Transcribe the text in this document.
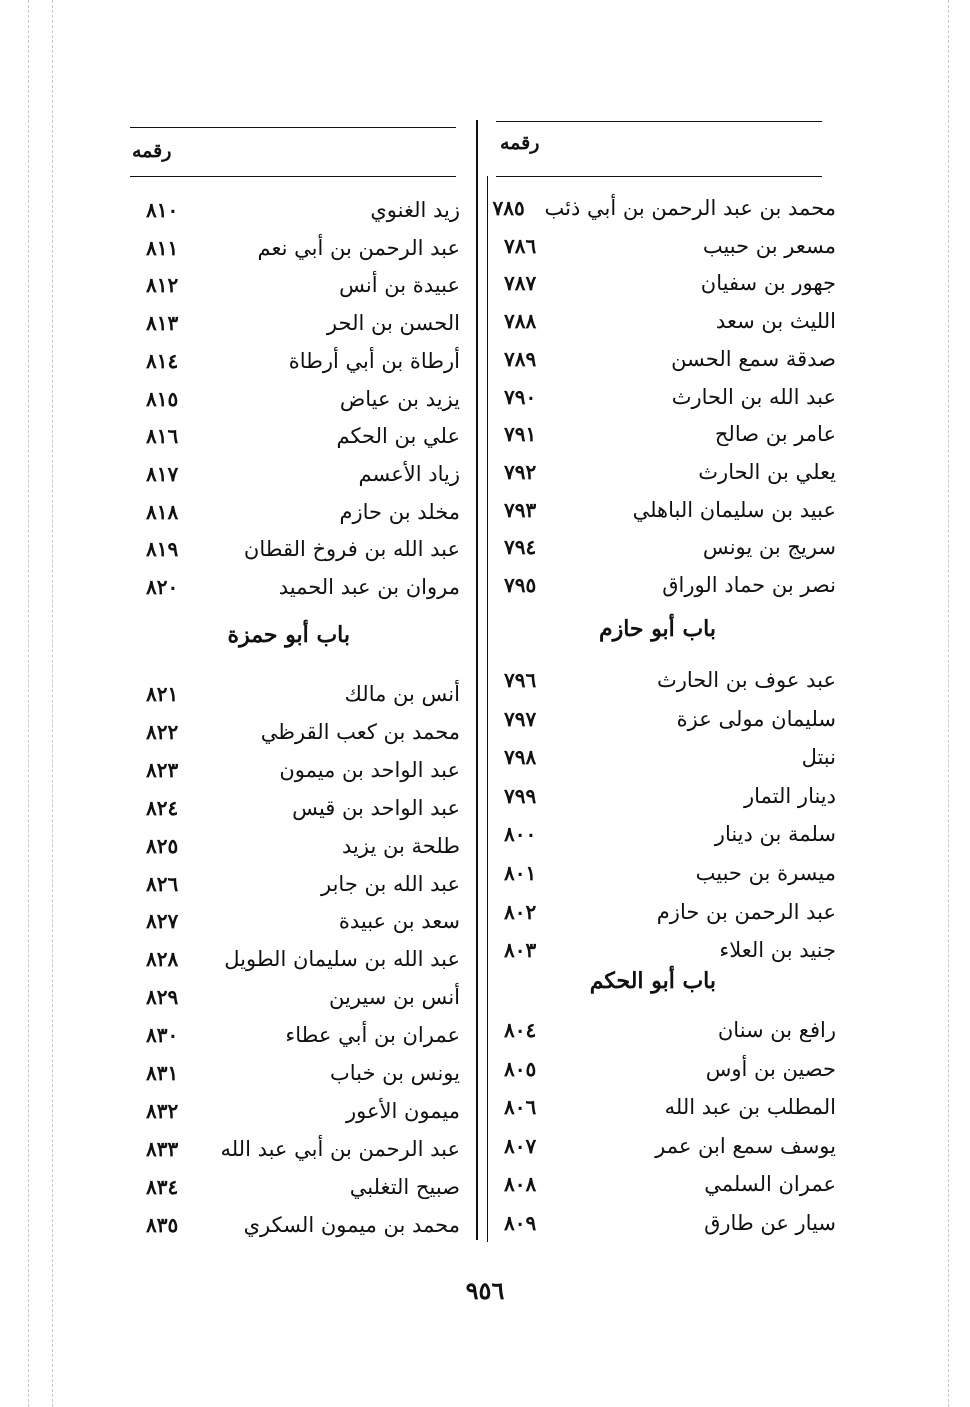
رقمه
محمد بن عبد الرحمن بن أبي ذئب
٧٨٥
مسعر بن حبيب
٧٨٦
جهور بن سفيان
٧٨٧
الليث بن سعد
٧٨٨
صدقة سمع الحسن
٧٨٩
عبد الله بن الحارث
٧٩٠
عامر بن صالح
٧٩١
يعلي بن الحارث
٧٩٢
عبيد بن سليمان الباهلي
٧٩٣
سريج بن يونس
٧٩٤
نصر بن حماد الوراق
٧٩٥
باب أبو حازم
عبد عوف بن الحارث
٧٩٦
سليمان مولى عزة
٧٩٧
نبتل
٧٩٨
دينار التمار
٧٩٩
سلمة بن دينار
٨٠٠
ميسرة بن حبيب
٨٠١
عبد الرحمن بن حازم
٨٠٢
جنيد بن العلاء
٨٠٣
باب أبو الحكم
رافع بن سنان
٨٠٤
حصين بن أوس
٨٠٥
المطلب بن عبد الله
٨٠٦
يوسف سمع ابن عمر
٨٠٧
عمران السلمي
٨٠٨
سيار عن طارق
٨٠٩
رقمه
زيد الغنوي
٨١٠
عبد الرحمن بن أبي نعم
٨١١
عبيدة بن أنس
٨١٢
الحسن بن الحر
٨١٣
أرطاة بن أبي أرطاة
٨١٤
يزيد بن عياض
٨١٥
علي بن الحكم
٨١٦
زياد الأعسم
٨١٧
مخلد بن حازم
٨١٨
عبد الله بن فروخ القطان
٨١٩
مروان بن عبد الحميد
٨٢٠
باب أبو حمزة
أنس بن مالك
٨٢١
محمد بن كعب القرظي
٨٢٢
عبد الواحد بن ميمون
٨٢٣
عبد الواحد بن قيس
٨٢٤
طلحة بن يزيد
٨٢٥
عبد الله بن جابر
٨٢٦
سعد بن عبيدة
٨٢٧
عبد الله بن سليمان الطويل
٨٢٨
أنس بن سيرين
٨٢٩
عمران بن أبي عطاء
٨٣٠
يونس بن خباب
٨٣١
ميمون الأعور
٨٣٢
عبد الرحمن بن أبي عبد الله
٨٣٣
صبيح التغلبي
٨٣٤
محمد بن ميمون السكري
٨٣٥
٩٥٦
